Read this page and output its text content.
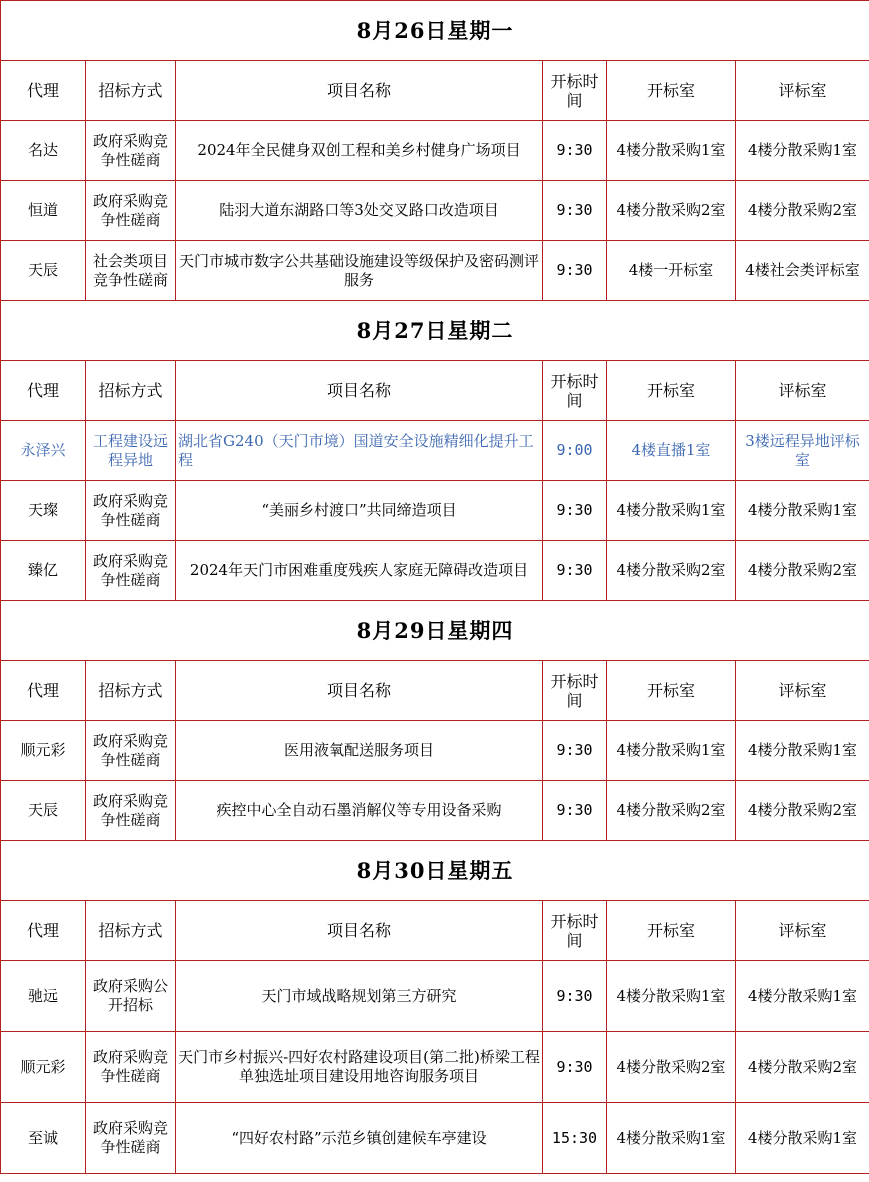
8月26日星期一					
代理	招标方式	项目名称	开标时间	开标室	评标室
名达	政府采购竞争性磋商	2024年全民健身双创工程和美乡村健身广场项目	9:30	4楼分散采购1室	4楼分散采购1室
恒道	政府采购竞争性磋商	陆羽大道东湖路口等3处交叉路口改造项目	9:30	4楼分散采购2室	4楼分散采购2室
天辰	社会类项目竞争性磋商	天门市城市数字公共基础设施建设等级保护及密码测评服务	9:30	4楼一开标室	4楼社会类评标室
8月27日星期二					
代理	招标方式	项目名称	开标时间	开标室	评标室
永泽兴	工程建设远程异地	湖北省G240（天门市境）国道安全设施精细化提升工程	9:00	4楼直播1室	3楼远程异地评标室
天璨	政府采购竞争性磋商	“美丽乡村渡口”共同缔造项目	9:30	4楼分散采购1室	4楼分散采购1室
臻亿	政府采购竞争性磋商	2024年天门市困难重度残疾人家庭无障碍改造项目	9:30	4楼分散采购2室	4楼分散采购2室
8月29日星期四					
代理	招标方式	项目名称	开标时间	开标室	评标室
顺元彩	政府采购竞争性磋商	医用液氧配送服务项目	9:30	4楼分散采购1室	4楼分散采购1室
天辰	政府采购竞争性磋商	疾控中心全自动石墨消解仪等专用设备采购	9:30	4楼分散采购2室	4楼分散采购2室
8月30日星期五					
代理	招标方式	项目名称	开标时间	开标室	评标室
驰远	政府采购公开招标	天门市域战略规划第三方研究	9:30	4楼分散采购1室	4楼分散采购1室
顺元彩	政府采购竞争性磋商	天门市乡村振兴-四好农村路建设项目(第二批)桥梁工程单独选址项目建设用地咨询服务项目	9:30	4楼分散采购2室	4楼分散采购2室
至诚	政府采购竞争性磋商	“四好农村路”示范乡镇创建候车亭建设	15:30	4楼分散采购1室	4楼分散采购1室
